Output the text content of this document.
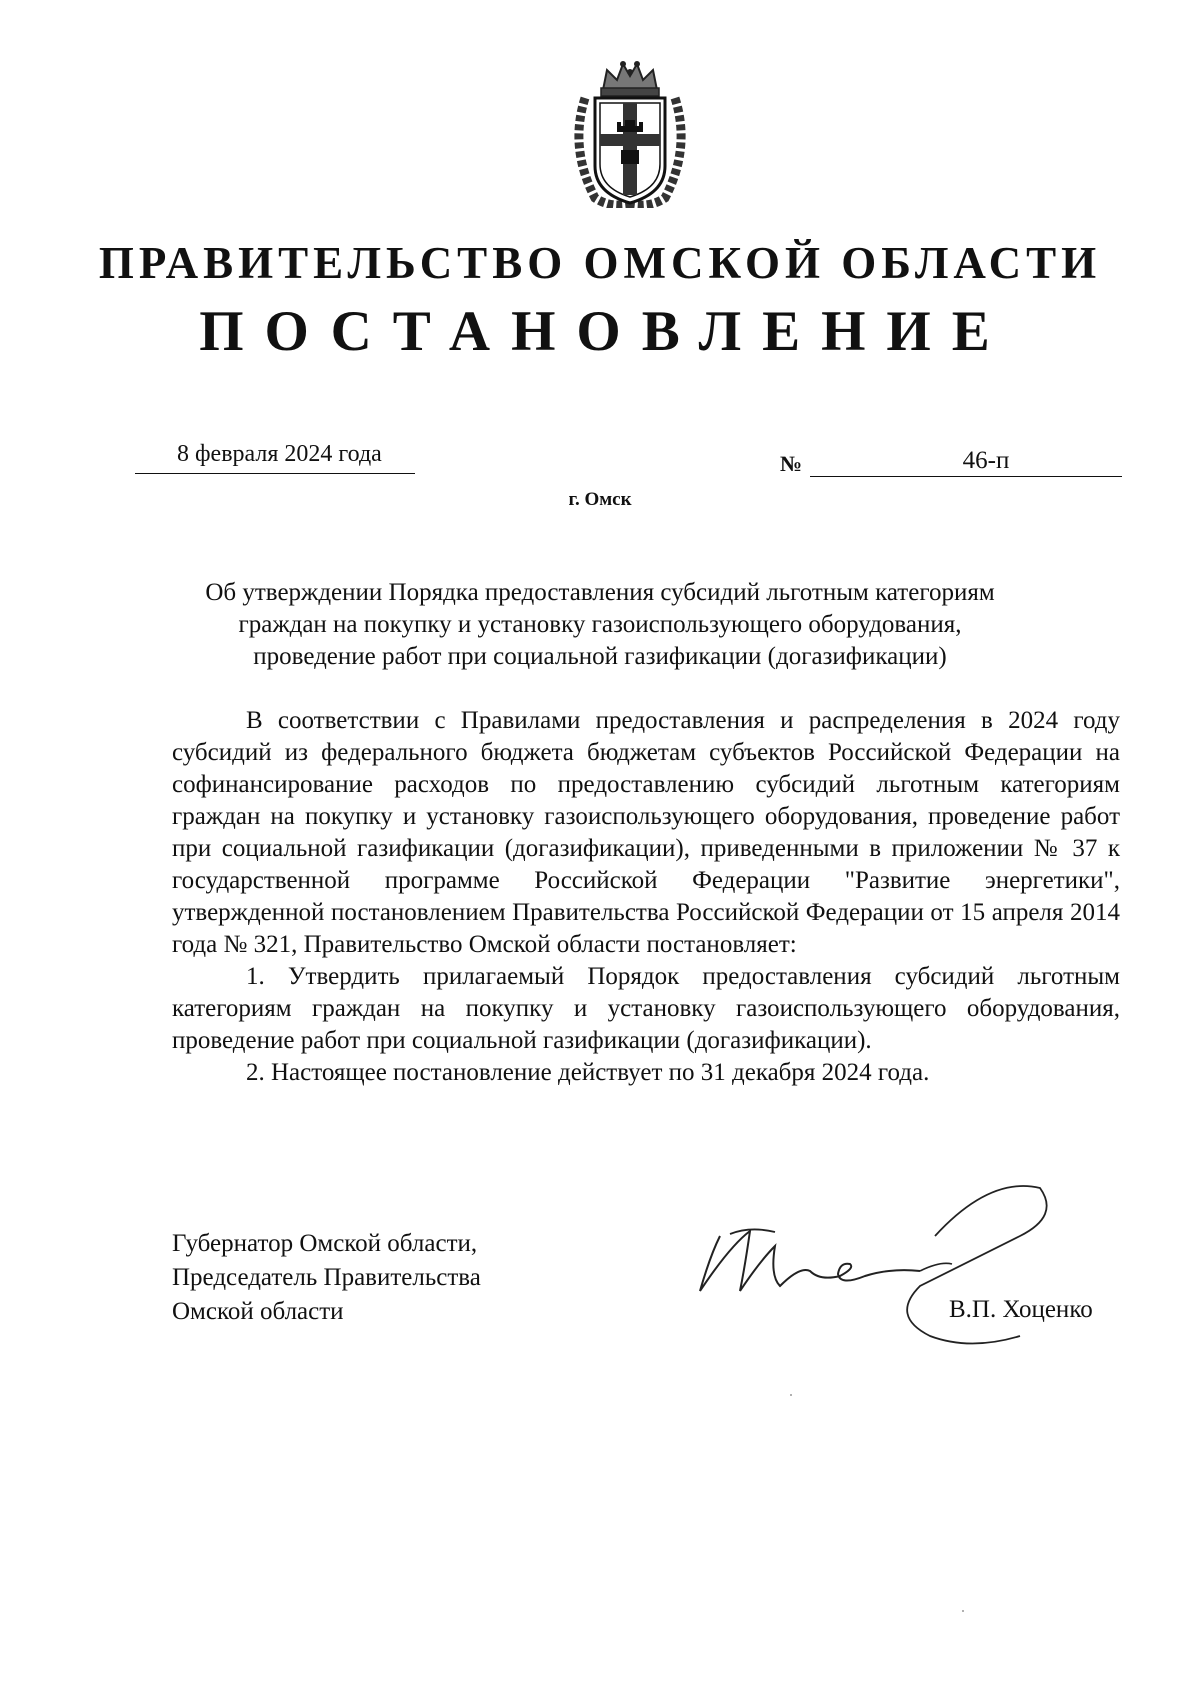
ПРАВИТЕЛЬСТВО ОМСКОЙ ОБЛАСТИ
ПОСТАНОВЛЕНИЕ
8 февраля 2024 года	№	46-п
г. Омск
Об утверждении Порядка предоставления субсидий льготным категориям
граждан на покупку и установку газоиспользующего оборудования,
проведение работ при социальной газификации (догазификации)

В соответствии с Правилами предоставления и распределения в 2024 году субсидий из федерального бюджета бюджетам субъектов Российской Федерации на софинансирование расходов по предоставлению субсидий льготным категориям граждан на покупку и установку газоиспользующего оборудования, проведение работ при социальной газификации (догазификации), приведенными в приложении № 37 к государственной программе Российской Федерации "Развитие энергетики", утвержденной постановлением Правительства Российской Федерации от 15 апреля 2014 года № 321, Правительство Омской области постановляет:

1. Утвердить прилагаемый Порядок предоставления субсидий льготным категориям граждан на покупку и установку газоиспользующего оборудования, проведение работ при социальной газификации (догазификации).

2. Настоящее постановление действует по 31 декабря 2024 года.

Губернатор Омской области,
Председатель Правительства
Омской области	В.П. Хоценко
